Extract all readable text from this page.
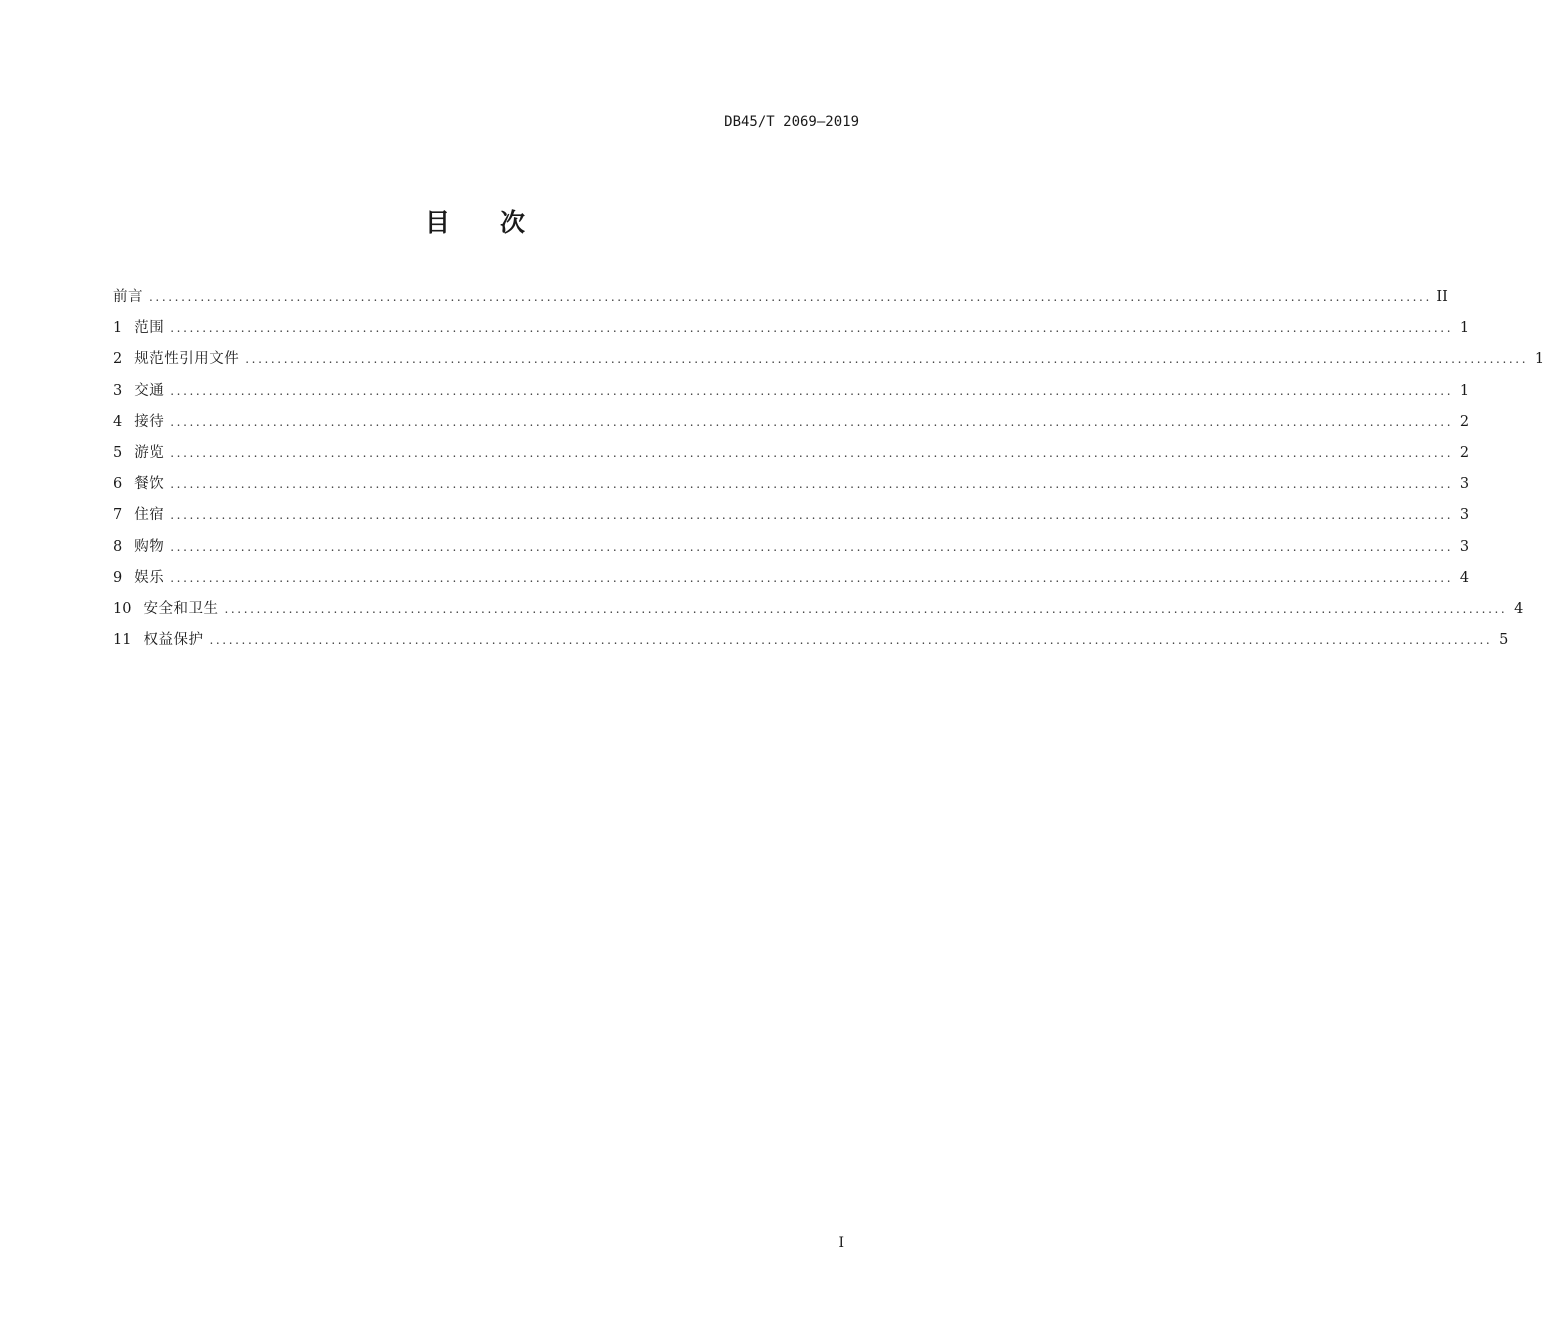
DB45/T 2069—2019
目 次
前言 ........................................................................................................................................................................................................ II
1 范围 ........................................................................................................................................................................................................ 1
2 规范性引用文件 ........................................................................................................................................................................................................ 1
3 交通 ........................................................................................................................................................................................................ 1
4 接待 ........................................................................................................................................................................................................ 2
5 游览 ........................................................................................................................................................................................................ 2
6 餐饮 ........................................................................................................................................................................................................ 3
7 住宿 ........................................................................................................................................................................................................ 3
8 购物 ........................................................................................................................................................................................................ 3
9 娱乐 ........................................................................................................................................................................................................ 4
10 安全和卫生 ........................................................................................................................................................................................................ 4
11 权益保护 ........................................................................................................................................................................................................ 5
I
